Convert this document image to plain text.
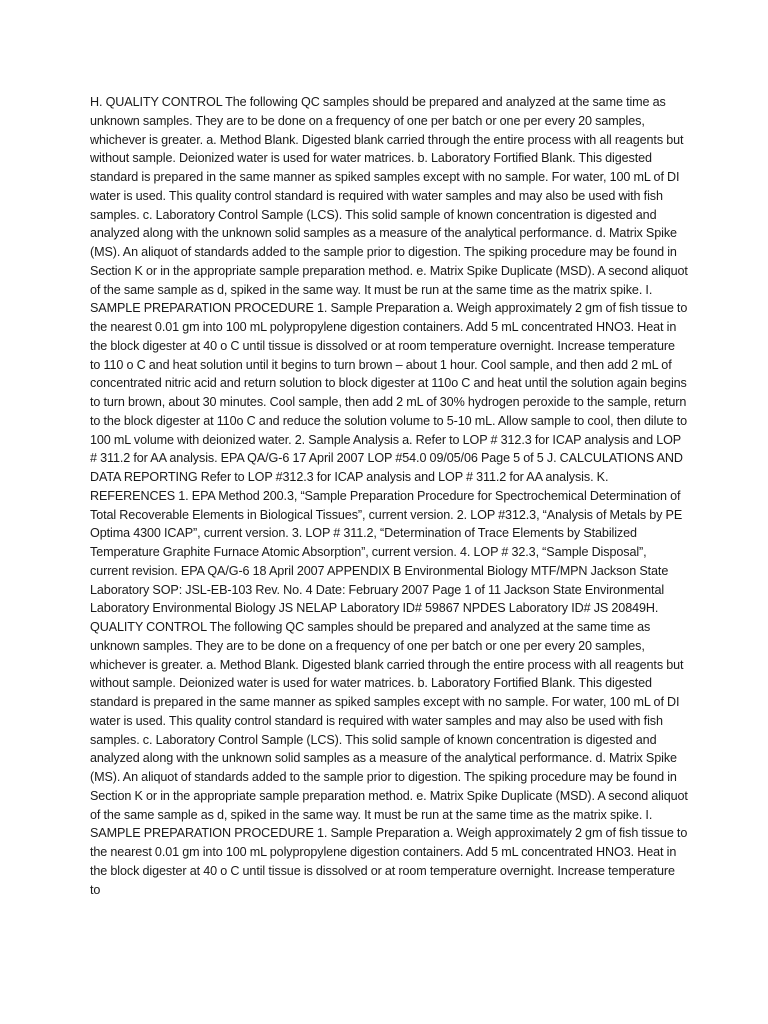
H. QUALITY CONTROL The following QC samples should be prepared and analyzed at the same time as unknown samples. They are to be done on a frequency of one per batch or one per every 20 samples, whichever is greater. a. Method Blank. Digested blank carried through the entire process with all reagents but without sample. Deionized water is used for water matrices. b. Laboratory Fortified Blank. This digested standard is prepared in the same manner as spiked samples except with no sample. For water, 100 mL of DI water is used. This quality control standard is required with water samples and may also be used with fish samples. c. Laboratory Control Sample (LCS). This solid sample of known concentration is digested and analyzed along with the unknown solid samples as a measure of the analytical performance. d. Matrix Spike (MS). An aliquot of standards added to the sample prior to digestion. The spiking procedure may be found in Section K or in the appropriate sample preparation method. e. Matrix Spike Duplicate (MSD). A second aliquot of the same sample as d, spiked in the same way. It must be run at the same time as the matrix spike. I. SAMPLE PREPARATION PROCEDURE 1. Sample Preparation a. Weigh approximately 2 gm of fish tissue to the nearest 0.01 gm into 100 mL polypropylene digestion containers. Add 5 mL concentrated HNO3. Heat in the block digester at 40 o C until tissue is dissolved or at room temperature overnight. Increase temperature to 110 o C and heat solution until it begins to turn brown – about 1 hour. Cool sample, and then add 2 mL of concentrated nitric acid and return solution to block digester at 110o C and heat until the solution again begins to turn brown, about 30 minutes. Cool sample, then add 2 mL of 30% hydrogen peroxide to the sample, return to the block digester at 110o C and reduce the solution volume to 5-10 mL. Allow sample to cool, then dilute to 100 mL volume with deionized water. 2. Sample Analysis a. Refer to LOP # 312.3 for ICAP analysis and LOP # 311.2 for AA analysis. EPA QA/G-6 17 April 2007 LOP #54.0 09/05/06 Page 5 of 5 J. CALCULATIONS AND DATA REPORTING Refer to LOP #312.3 for ICAP analysis and LOP # 311.2 for AA analysis. K. REFERENCES 1. EPA Method 200.3, “Sample Preparation Procedure for Spectrochemical Determination of Total Recoverable Elements in Biological Tissues”, current version. 2. LOP #312.3, “Analysis of Metals by PE Optima 4300 ICAP”, current version. 3. LOP # 311.2, “Determination of Trace Elements by Stabilized Temperature Graphite Furnace Atomic Absorption”, current version. 4. LOP # 32.3, “Sample Disposal”, current revision. EPA QA/G-6 18 April 2007 APPENDIX B Environmental Biology MTF/MPN Jackson State Laboratory SOP: JSL-EB-103 Rev. No. 4 Date: February 2007 Page 1 of 11 Jackson State Environmental Laboratory Environmental Biology JS NELAP Laboratory ID# 59867 NPDES Laboratory ID# JS 20849H. QUALITY CONTROL The following QC samples should be prepared and analyzed at the same time as unknown samples. They are to be done on a frequency of one per batch or one per every 20 samples, whichever is greater. a. Method Blank. Digested blank carried through the entire process with all reagents but without sample. Deionized water is used for water matrices. b. Laboratory Fortified Blank. This digested standard is prepared in the same manner as spiked samples except with no sample. For water, 100 mL of DI water is used. This quality control standard is required with water samples and may also be used with fish samples. c. Laboratory Control Sample (LCS). This solid sample of known concentration is digested and analyzed along with the unknown solid samples as a measure of the analytical performance. d. Matrix Spike (MS). An aliquot of standards added to the sample prior to digestion. The spiking procedure may be found in Section K or in the appropriate sample preparation method. e. Matrix Spike Duplicate (MSD). A second aliquot of the same sample as d, spiked in the same way. It must be run at the same time as the matrix spike. I. SAMPLE PREPARATION PROCEDURE 1. Sample Preparation a. Weigh approximately 2 gm of fish tissue to the nearest 0.01 gm into 100 mL polypropylene digestion containers. Add 5 mL concentrated HNO3. Heat in the block digester at 40 o C until tissue is dissolved or at room temperature overnight. Increase temperature to
